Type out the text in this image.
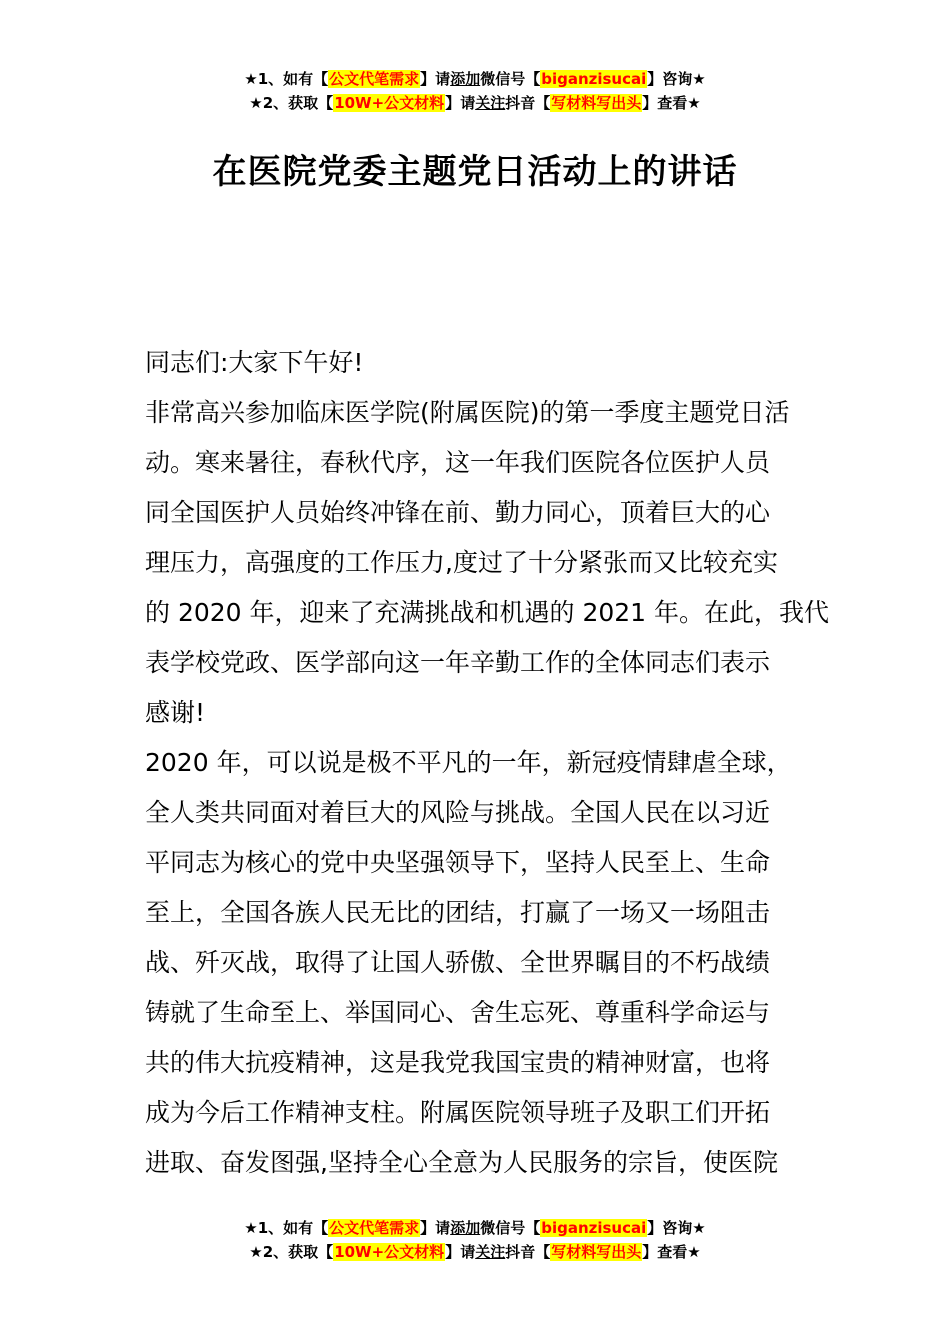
★1、如有【公文代笔需求】请添加微信号【biganzisucai】咨询★
★2、获取【10W+公文材料】请关注抖音【写材料写出头】查看★
在医院党委主题党日活动上的讲话
同志们:大家下午好!
非常高兴参加临床医学院(附属医院)的第一季度主题党日活
动。寒来暑往，春秋代序，这一年我们医院各位医护人员
同全国医护人员始终冲锋在前、勤力同心，顶着巨大的心
理压力，高强度的工作压力,度过了十分紧张而又比较充实
的 2020 年，迎来了充满挑战和机遇的 2021 年。在此，我代
表学校党政、医学部向这一年辛勤工作的全体同志们表示
感谢!
2020 年，可以说是极不平凡的一年，新冠疫情肆虐全球，
全人类共同面对着巨大的风险与挑战。全国人民在以习近
平同志为核心的党中央坚强领导下，坚持人民至上、生命
至上，全国各族人民无比的团结，打赢了一场又一场阻击
战、歼灭战，取得了让国人骄傲、全世界瞩目的不朽战绩
铸就了生命至上、举国同心、舍生忘死、尊重科学命运与
共的伟大抗疫精神，这是我党我国宝贵的精神财富，也将
成为今后工作精神支柱。附属医院领导班子及职工们开拓
进取、奋发图强,坚持全心全意为人民服务的宗旨，使医院
★1、如有【公文代笔需求】请添加微信号【biganzisucai】咨询★
★2、获取【10W+公文材料】请关注抖音【写材料写出头】查看★
